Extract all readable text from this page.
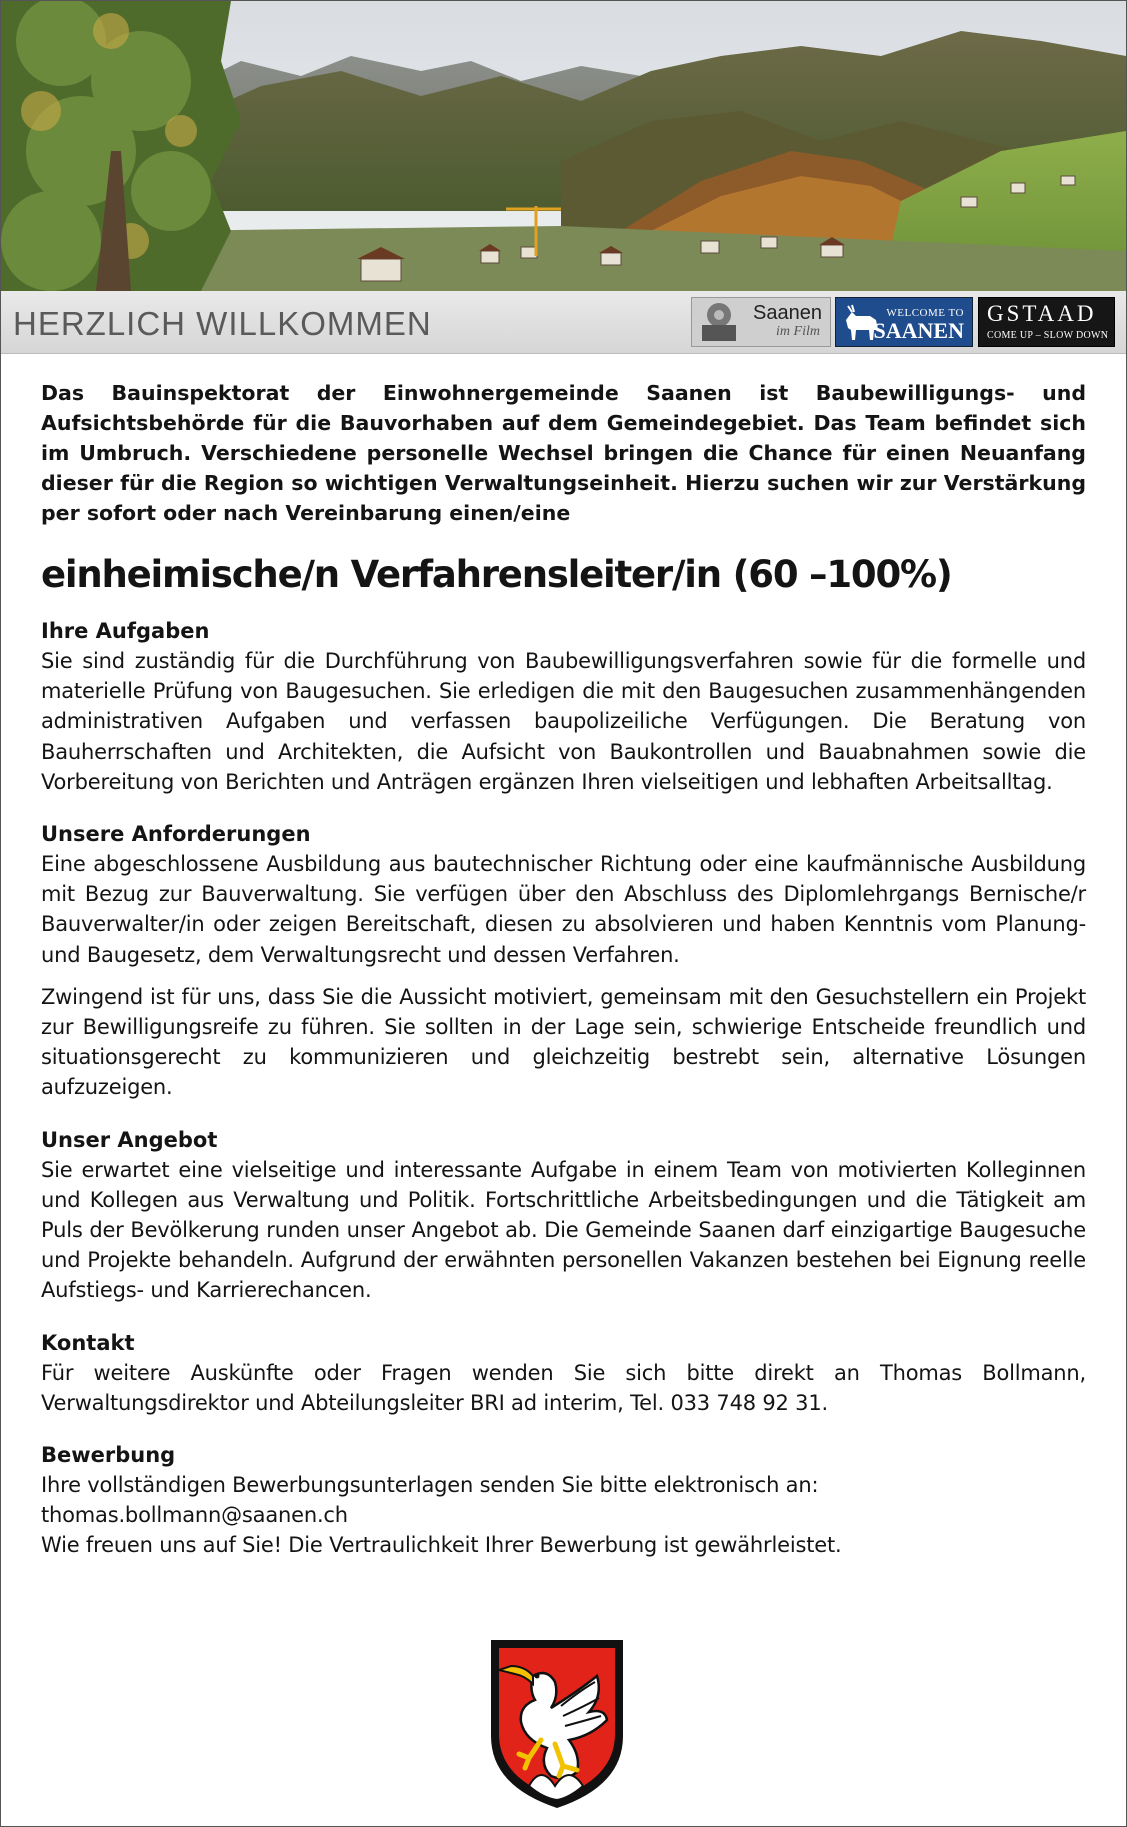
HERZLICH WILLKOMMEN	Saanen
im Film
WELCOME TO
SAANEN
GSTAAD
COME UP – SLOW DOWN

Das Bauinspektorat der Einwohnergemeinde Saanen ist Baubewilligungs- und Aufsichtsbehörde für die Bauvorhaben auf dem Gemeindegebiet. Das Team befindet sich im Umbruch. Verschiedene personelle Wechsel bringen die Chance für einen Neuanfang dieser für die Region so wichtigen Verwaltungseinheit. Hierzu suchen wir zur Verstärkung per sofort oder nach Vereinbarung einen/eine

einheimische/n Verfahrensleiter/in (60 –100%)
Ihre Aufgaben

Sie sind zuständig für die Durchführung von Baubewilligungsverfahren sowie für die formelle und materielle Prüfung von Baugesuchen. Sie erledigen die mit den Baugesuchen zusammenhängenden administrativen Aufgaben und verfassen baupolizeiliche Verfügungen. Die Beratung von Bauherrschaften und Architekten, die Aufsicht von Baukontrollen und Bauabnahmen sowie die Vorbereitung von Berichten und Anträgen ergänzen Ihren vielseitigen und lebhaften Arbeitsalltag.

Unsere Anforderungen

Eine abgeschlossene Ausbildung aus bautechnischer Richtung oder eine kaufmännische Ausbildung mit Bezug zur Bauverwaltung. Sie verfügen über den Abschluss des Diplomlehrgangs Bernische/r Bauverwalter/in oder zeigen Bereitschaft, diesen zu absolvieren und haben Kenntnis vom Planung- und Baugesetz, dem Verwaltungsrecht und dessen Verfahren.

Zwingend ist für uns, dass Sie die Aussicht motiviert, gemeinsam mit den Gesuchstellern ein Projekt zur Bewilligungsreife zu führen. Sie sollten in der Lage sein, schwierige Entscheide freundlich und situationsgerecht zu kommunizieren und gleichzeitig bestrebt sein, alternative Lösungen aufzuzeigen.

Unser Angebot

Sie erwartet eine vielseitige und interessante Aufgabe in einem Team von motivierten Kolleginnen und Kollegen aus Verwaltung und Politik. Fortschrittliche Arbeitsbedingungen und die Tätigkeit am Puls der Bevölkerung runden unser Angebot ab. Die Gemeinde Saanen darf einzigartige Baugesuche und Projekte behandeln. Aufgrund der erwähnten personellen Vakanzen bestehen bei Eignung reelle Aufstiegs- und Karrierechancen.

Kontakt

Für weitere Auskünfte oder Fragen wenden Sie sich bitte direkt an Thomas Bollmann, Verwaltungsdirektor und Abteilungsleiter BRI ad interim, Tel. 033 748 92 31.

Bewerbung

Ihre vollständigen Bewerbungsunterlagen senden Sie bitte elektronisch an:

thomas.bollmann@saanen.ch

Wie freuen uns auf Sie! Die Vertraulichkeit Ihrer Bewerbung ist gewährleistet.
